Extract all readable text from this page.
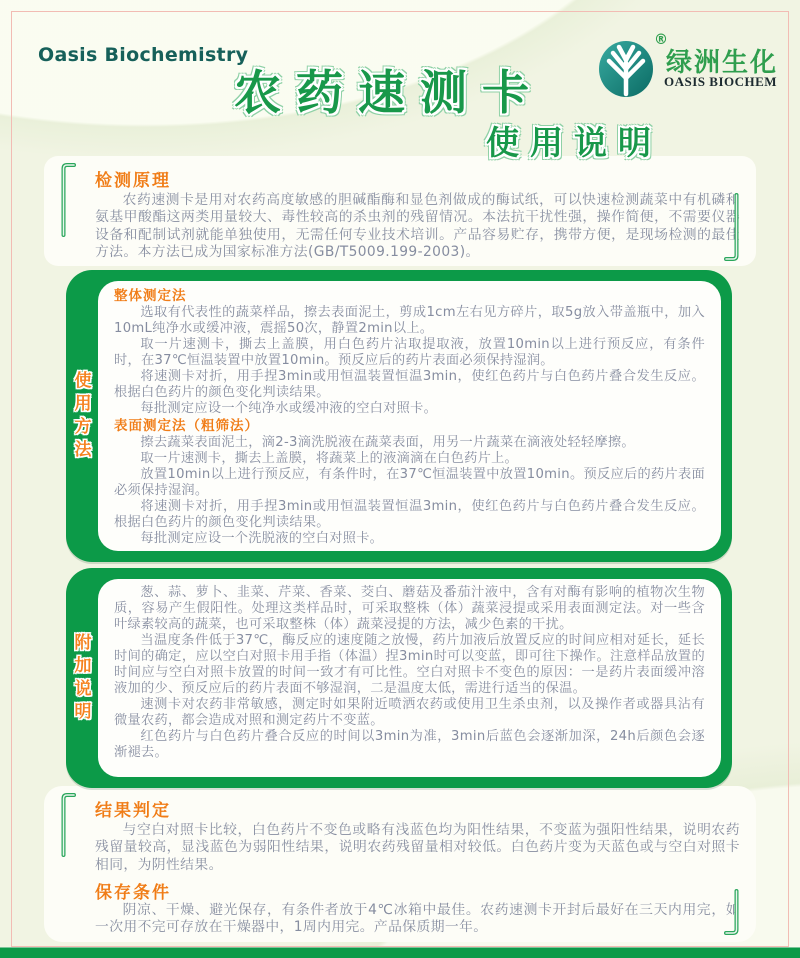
Oasis Biochemistry
农药速测卡
®
绿洲生化
OASIS BIOCHEM
使用说明
检测原理

农药速测卡是用对农药高度敏感的胆碱酯酶和显色剂做成的酶试纸，可以快速检测蔬菜中有机磷和氨基甲酸酯这两类用量较大、毒性较高的杀虫剂的残留情况。本法抗干扰性强，操作简便，不需要仪器设备和配制试剂就能单独使用，无需任何专业技术培训。产品容易贮存，携带方便，是现场检测的最佳方法。本方法已成为国家标准方法(GB/T5009.199-2003)。

使用方法
整体测定法

选取有代表性的蔬菜样品，擦去表面泥土，剪成1cm左右见方碎片，取5g放入带盖瓶中，加入10mL纯净水或缓冲液，震摇50次，静置2min以上。

取一片速测卡，撕去上盖膜，用白色药片沾取提取液，放置10min以上进行预反应，有条件时，在37℃恒温装置中放置10min。预反应后的药片表面必须保持湿润。

将速测卡对折，用手捏3min或用恒温装置恒温3min，使红色药片与白色药片叠合发生反应。根据白色药片的颜色变化判读结果。

每批测定应设一个纯净水或缓冲液的空白对照卡。

表面测定法（粗筛法）

擦去蔬菜表面泥土，滴2-3滴洗脱液在蔬菜表面，用另一片蔬菜在滴液处轻轻摩擦。

取一片速测卡，撕去上盖膜，将蔬菜上的液滴滴在白色药片上。

放置10min以上进行预反应，有条件时，在37℃恒温装置中放置10min。预反应后的药片表面必须保持湿润。

将速测卡对折，用手捏3min或用恒温装置恒温3min，使红色药片与白色药片叠合发生反应。根据白色药片的颜色变化判读结果。

每批测定应设一个洗脱液的空白对照卡。

附加说明

葱、蒜、萝卜、韭菜、芹菜、香菜、茭白、蘑菇及番茄汁液中，含有对酶有影响的植物次生物质，容易产生假阳性。处理这类样品时，可采取整株（体）蔬菜浸提或采用表面测定法。对一些含叶绿素较高的蔬菜，也可采取整株（体）蔬菜浸提的方法，减少色素的干扰。

当温度条件低于37℃，酶反应的速度随之放慢，药片加液后放置反应的时间应相对延长，延长时间的确定，应以空白对照卡用手指（体温）捏3min时可以变蓝，即可往下操作。注意样品放置的时间应与空白对照卡放置的时间一致才有可比性。空白对照卡不变色的原因：一是药片表面缓冲溶液加的少、预反应后的药片表面不够湿润，二是温度太低，需进行适当的保温。

速测卡对农药非常敏感，测定时如果附近喷洒农药或使用卫生杀虫剂，以及操作者或器具沾有微量农药，都会造成对照和测定药片不变蓝。

红色药片与白色药片叠合反应的时间以3min为准，3min后蓝色会逐渐加深，24h后颜色会逐渐褪去。

结果判定

与空白对照卡比较，白色药片不变色或略有浅蓝色均为阳性结果，不变蓝为强阳性结果，说明农药残留量较高，显浅蓝色为弱阳性结果，说明农药残留量相对较低。白色药片变为天蓝色或与空白对照卡相同，为阴性结果。

保存条件

阴凉、干燥、避光保存，有条件者放于4℃冰箱中最佳。农药速测卡开封后最好在三天内用完，如一次用不完可存放在干燥器中，1周内用完。产品保质期一年。
